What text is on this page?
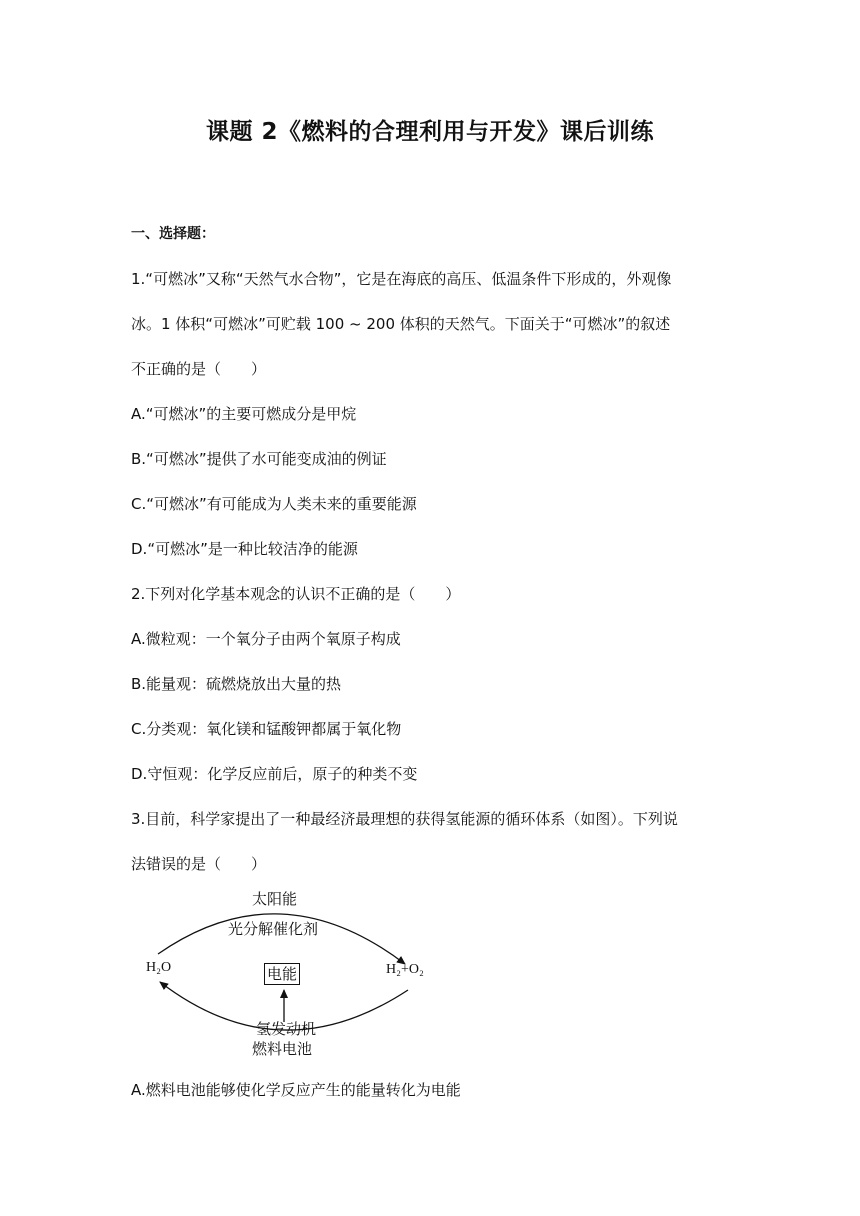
课题 2《燃料的合理利用与开发》课后训练
一、选择题：
1.“可燃冰”又称“天然气水合物”，它是在海底的高压、低温条件下形成的，外观像
冰。1 体积“可燃冰”可贮载 100 ~ 200 体积的天然气。下面关于“可燃冰”的叙述
不正确的是（　　）
A.“可燃冰”的主要可燃成分是甲烷
B.“可燃冰”提供了水可能变成油的例证
C.“可燃冰”有可能成为人类未来的重要能源
D.“可燃冰”是一种比较洁净的能源
2.下列对化学基本观念的认识不正确的是（　　）
A.微粒观：一个氧分子由两个氧原子构成
B.能量观：硫燃烧放出大量的热
C.分类观：氧化镁和锰酸钾都属于氧化物
D.守恒观：化学反应前后，原子的种类不变
3.目前，科学家提出了一种最经济最理想的获得氢能源的循环体系（如图）。下列说
法错误的是（　　）
太阳能
光分解催化剂
H₂O	H₂+O₂
电能
氢发动机
燃料电池
A.燃料电池能够使化学反应产生的能量转化为电能
